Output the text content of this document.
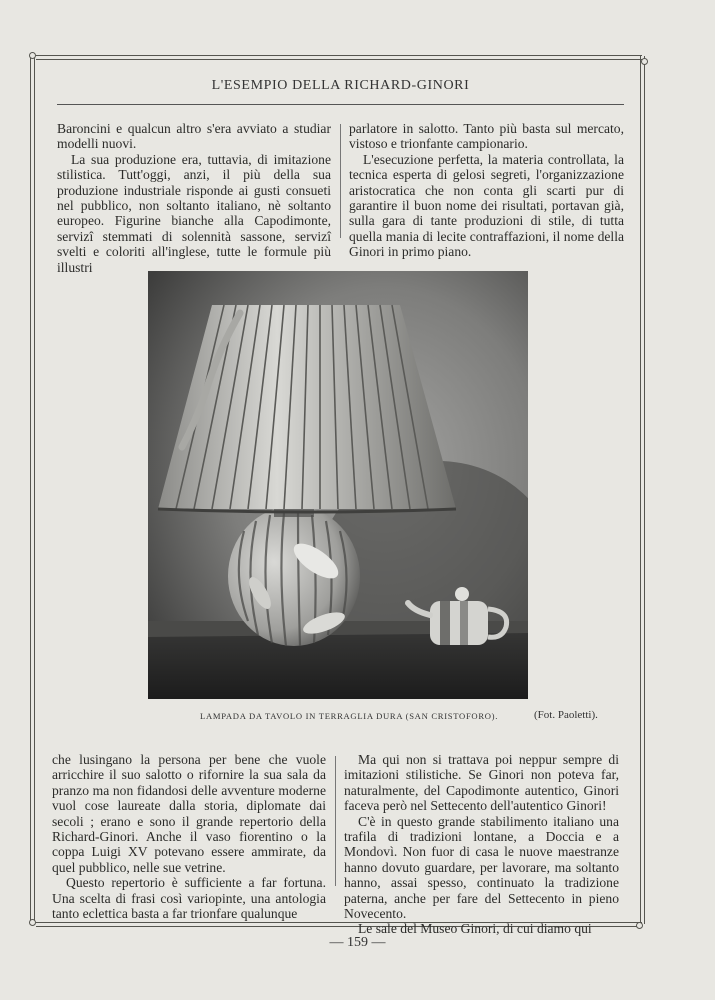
L'ESEMPIO DELLA RICHARD-GINORI

Baroncini e qualcun altro s'era avviato a studiar modelli nuovi.

La sua produzione era, tuttavia, di imitazione stilistica. Tutt'oggi, anzi, il più della sua produzione industriale risponde ai gusti consueti nel pubblico, non soltanto italiano, nè soltanto europeo. Figurine bianche alla Capodimonte, servizî stemmati di solennità sassone, servizî svelti e coloriti all'inglese, tutte le formule più illustri

parlatore in salotto. Tanto più basta sul mercato, vistoso e trionfante campionario.

L'esecuzione perfetta, la materia controllata, la tecnica esperta di gelosi segreti, l'organizzazione aristocratica che non conta gli scarti pur di garantire il buon nome dei risultati, portavan già, sulla gara di tante produzioni di stile, di tutta quella mania di lecite contraffazioni, il nome della Ginori in primo piano.

LAMPADA DA TAVOLO IN TERRAGLIA DURA (SAN CRISTOFORO).	(Fot. Paoletti).

che lusingano la persona per bene che vuole arricchire il suo salotto o rifornire la sua sala da pranzo ma non fidandosi delle avventure moderne vuol cose laureate dalla storia, diplomate dai secoli ; erano e sono il grande repertorio della Richard-Ginori. Anche il vaso fiorentino o la coppa Luigi XV potevano essere ammirate, da quel pubblico, nelle sue vetrine.

Questo repertorio è sufficiente a far fortuna. Una scelta di frasi così variopinte, una antologia tanto eclettica basta a far trionfare qualunque

Ma qui non si trattava poi neppur sempre di imitazioni stilistiche. Se Ginori non poteva far, naturalmente, del Capodimonte autentico, Ginori faceva però nel Settecento dell'autentico Ginori!

C'è in questo grande stabilimento italiano una trafila di tradizioni lontane, a Doccia e a Mondovì. Non fuor di casa le nuove maestranze hanno dovuto guardare, per lavorare, ma soltanto hanno, assai spesso, continuato la tradizione paterna, anche per fare del Settecento in pieno Novecento.

Le sale del Museo Ginori, di cui diamo qui

— 159 —
